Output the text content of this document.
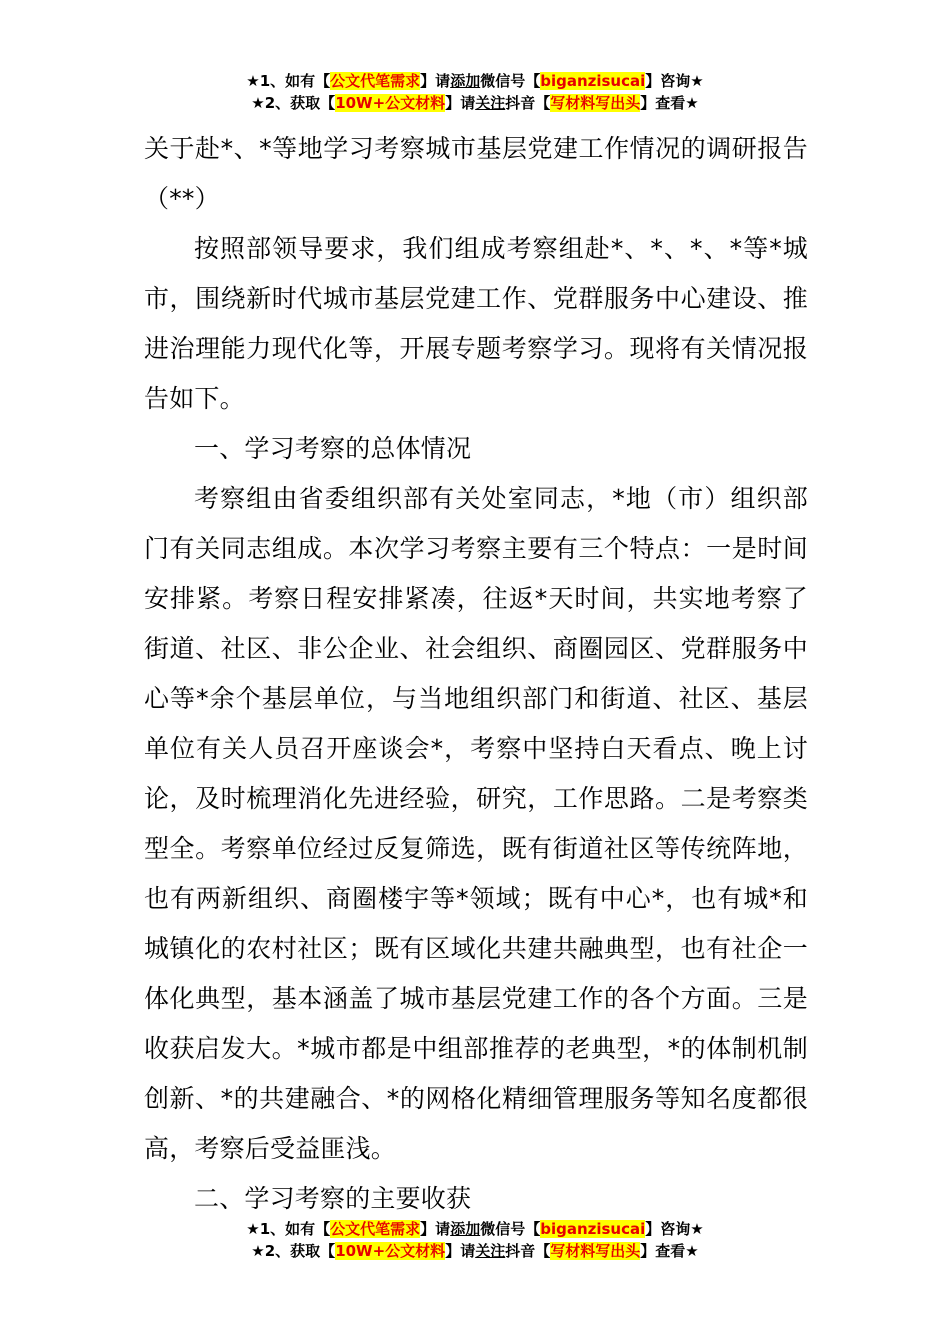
★1、如有【公文代笔需求】请添加微信号【biganzisucai】咨询★
★2、获取【10W+公文材料】请关注抖音【写材料写出头】查看★

关于赴*、*等地学习考察城市基层党建工作情况的调研报告（**）

按照部领导要求，我们组成考察组赴*、*、*、*等*城市，围绕新时代城市基层党建工作、党群服务中心建设、推进治理能力现代化等，开展专题考察学习。现将有关情况报告如下。

一、学习考察的总体情况

考察组由省委组织部有关处室同志，*地（市）组织部门有关同志组成。本次学习考察主要有三个特点：一是时间安排紧。考察日程安排紧凑，往返*天时间，共实地考察了街道、社区、非公企业、社会组织、商圈园区、党群服务中心等*余个基层单位，与当地组织部门和街道、社区、基层单位有关人员召开座谈会*，考察中坚持白天看点、晚上讨论，及时梳理消化先进经验，研究，工作思路。二是考察类型全。考察单位经过反复筛选，既有街道社区等传统阵地，也有两新组织、商圈楼宇等*领域；既有中心*，也有城*和城镇化的农村社区；既有区域化共建共融典型，也有社企一体化典型，基本涵盖了城市基层党建工作的各个方面。三是收获启发大。*城市都是中组部推荐的老典型，*的体制机制创新、*的共建融合、*的网格化精细管理服务等知名度都很高，考察后受益匪浅。

二、学习考察的主要收获

★1、如有【公文代笔需求】请添加微信号【biganzisucai】咨询★
★2、获取【10W+公文材料】请关注抖音【写材料写出头】查看★
